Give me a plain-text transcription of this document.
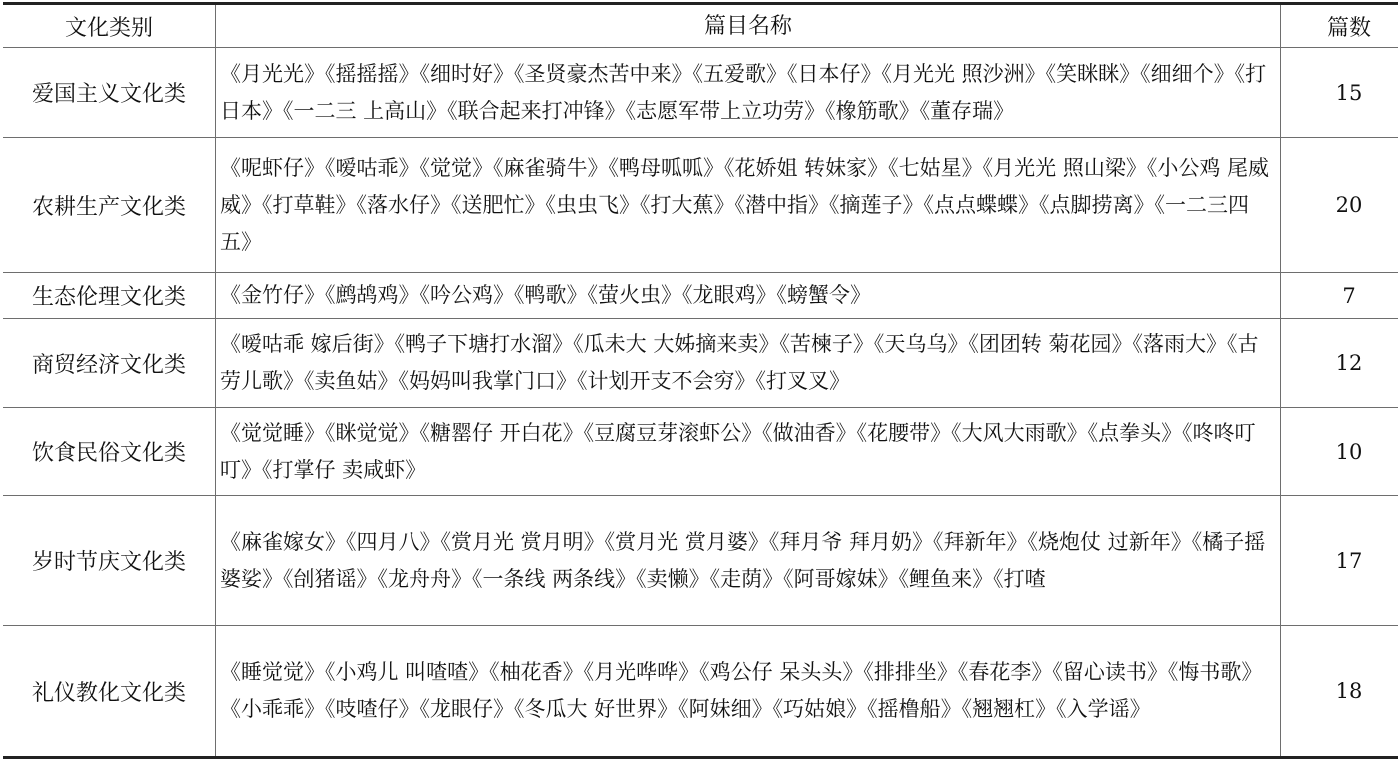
文化类别	篇目名称	篇数
爱国主义文化类	《月光光》《摇摇摇》《细时好》《圣贤豪杰苦中来》《五爱歌》《日本仔》《月光光 照沙洲》《笑眯眯》《细细个》《打日本》《一二三 上高山》《联合起来打冲锋》《志愿军带上立功劳》《橡筋歌》《董存瑞》	15
农耕生产文化类	《呢虾仔》《嗳咕乖》《觉觉》《麻雀骑牛》《鸭母呱呱》《花娇姐 转妹家》《七姑星》《月光光 照山梁》《小公鸡 尾威威》《打草鞋》《落水仔》《送肥忙》《虫虫飞》《打大蕉》《潜中指》《摘莲子》《点点蝶蝶》《点脚捞离》《一二三四五》	20
生态伦理文化类	《金竹仔》《鹧鸪鸡》《吟公鸡》《鸭歌》《萤火虫》《龙眼鸡》《螃蟹令》	7
商贸经济文化类	《嗳咕乖 嫁后街》《鸭子下塘打水溜》《瓜未大 大姊摘来卖》《苦楝子》《天乌乌》《团团转 菊花园》《落雨大》《古劳儿歌》《卖鱼姑》《妈妈叫我掌门口》《计划开支不会穷》《打叉叉》	12
饮食民俗文化类	《觉觉睡》《眯觉觉》《糖罂仔 开白花》《豆腐豆芽滚虾公》《做油香》《花腰带》《大风大雨歌》《点拳头》《咚咚叮叮》《打掌仔 卖咸虾》	10
岁时节庆文化类	《麻雀嫁女》《四月八》《赏月光 赏月明》《赏月光 赏月婆》《拜月爷 拜月奶》《拜新年》《烧炮仗 过新年》《橘子摇婆娑》《刣猪谣》《龙舟舟》《一条线 两条线》《卖懒》《走荫》《阿哥嫁妹》《鲤鱼来》《打喳	17
礼仪教化文化类	《睡觉觉》《小鸡儿 叫喳喳》《柚花香》《月光哗哗》《鸡公仔 呆头头》《排排坐》《春花李》《留心读书》《悔书歌》《小乖乖》《吱喳仔》《龙眼仔》《冬瓜大 好世界》《阿妹细》《巧姑娘》《摇橹船》《翘翘杠》《入学谣》	18
